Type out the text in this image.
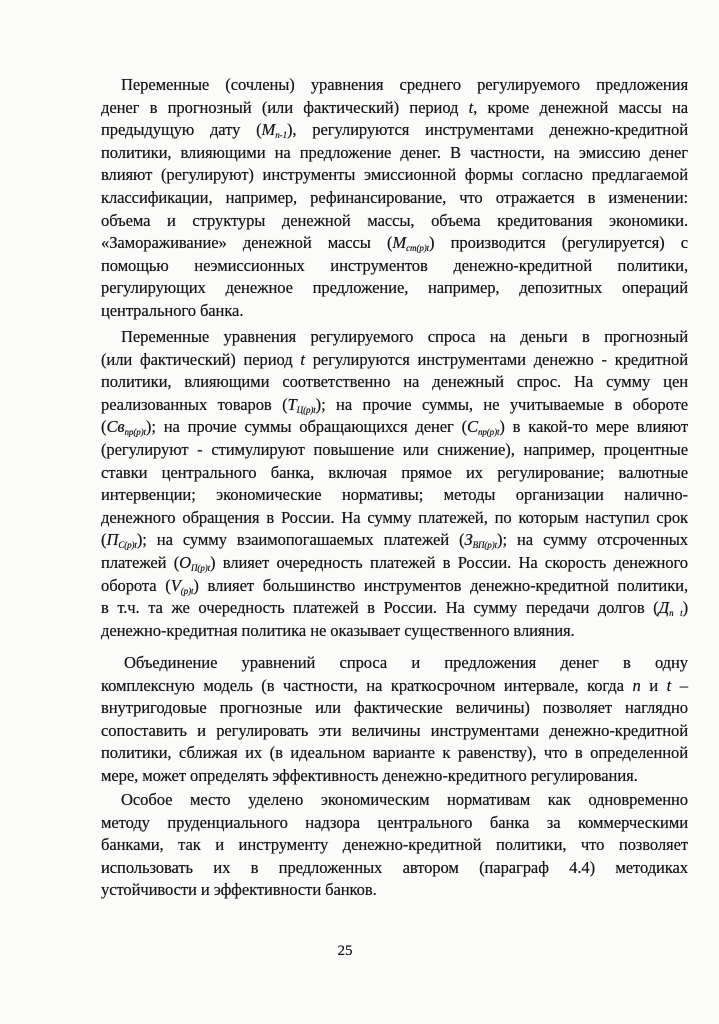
Переменные (сочлены) уравнения среднего регулируемого предложения
денег в прогнозный (или фактический) период t, кроме денежной массы на
предыдущую дату $(M_{n-1})$, регулируются инструментами денежно-кредитной
политики, влияющими на предложение денег. В частности, на эмиссию денег
влияют (регулируют) инструменты эмиссионной формы согласно предлагаемой
классификации, например, рефинансирование, что отражается в изменении:
объема и структуры денежной массы, объема кредитования экономики.
«Замораживание» денежной массы $(M_{cm(p)t})$ производится (регулируется) с
помощью неэмиссионных инструментов денежно-кредитной политики,
регулирующих денежное предложение, например, депозитных операций
центрального банка.
Переменные уравнения регулируемого спроса на деньги в прогнозный
(или фактический) период t регулируются инструментами денежно - кредитной
политики, влияющими соответственно на денежный спрос. На сумму цен
реализованных товаров $(T_{Ц(p)t})$; на прочие суммы, не учитываемые в обороте
$(Св_{пр(p)t})$; на прочие суммы обращающихся денег $(С_{пр(p)t})$ в какой-то мере влияют
(регулируют - стимулируют повышение или снижение), например, процентные
ставки центрального банка, включая прямое их регулирование; валютные
интервенции; экономические нормативы; методы организации налично-
денежного обращения в России. На сумму платежей, по которым наступил срок
$(П_{С(p)t})$; на сумму взаимопогашаемых платежей $(З_{ВП(p)t})$; на сумму отсроченных
платежей $(О_{П(p)t})$ влияет очередность платежей в России. На скорость денежного
оборота $(V_{(p)t})$ влияет большинство инструментов денежно-кредитной политики,
в т.ч. та же очередность платежей в России. На сумму передачи долгов $(Д_{п t})$
денежно-кредитная политика не оказывает существенного влияния.
Объединение уравнений спроса и предложения денег в одну
комплексную модель (в частности, на краткосрочном интервале, когда n и t –
внутригодовые прогнозные или фактические величины) позволяет наглядно
сопоставить и регулировать эти величины инструментами денежно-кредитной
политики, сближая их (в идеальном варианте к равенству), что в определенной
мере, может определять эффективность денежно-кредитного регулирования.
Особое место уделено экономическим нормативам как одновременно
методу пруденциального надзора центрального банка за коммерческими
банками, так и инструменту денежно-кредитной политики, что позволяет
использовать их в предложенных автором (параграф 4.4) методиках
устойчивости и эффективности банков.
25
